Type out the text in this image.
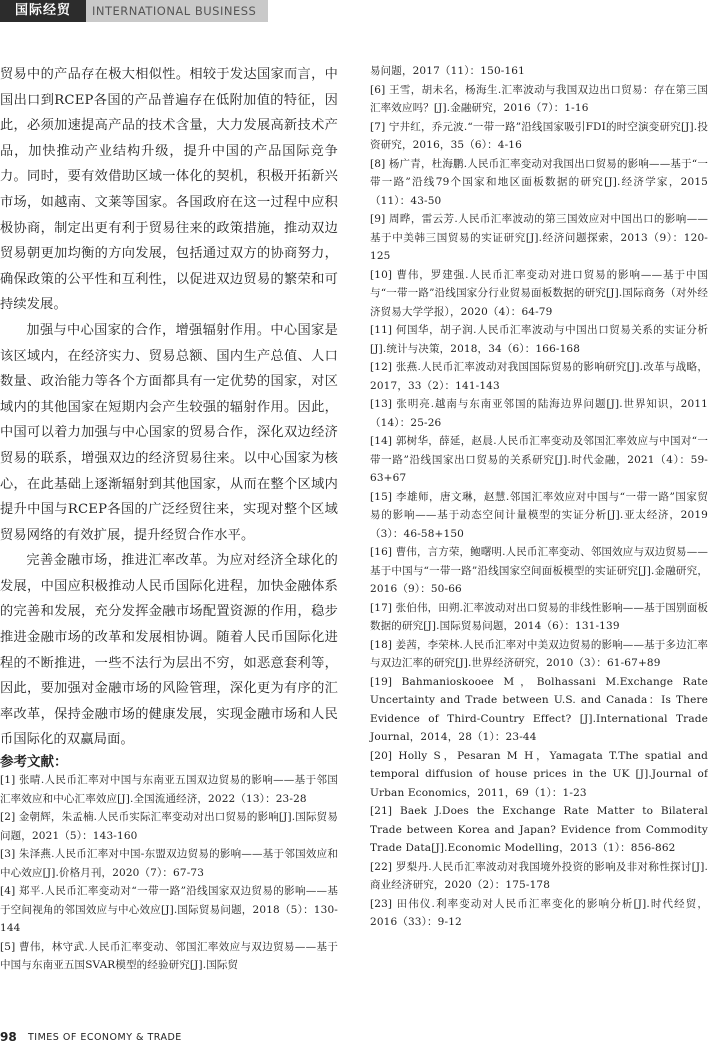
国际经贸	INTERNATIONAL BUSINESS

贸易中的产品存在极大相似性。相较于发达国家而言，中国出口到RCEP各国的产品普遍存在低附加值的特征，因此，必须加速提高产品的技术含量，大力发展高新技术产品，加快推动产业结构升级，提升中国的产品国际竞争力。同时，要有效借助区域一体化的契机，积极开拓新兴市场，如越南、文莱等国家。各国政府在这一过程中应积极协商，制定出更有利于贸易往来的政策措施，推动双边贸易朝更加均衡的方向发展，包括通过双方的协商努力，确保政策的公平性和互利性，以促进双边贸易的繁荣和可持续发展。

加强与中心国家的合作，增强辐射作用。中心国家是该区域内，在经济实力、贸易总额、国内生产总值、人口数量、政治能力等各个方面都具有一定优势的国家，对区域内的其他国家在短期内会产生较强的辐射作用。因此，中国可以着力加强与中心国家的贸易合作，深化双边经济贸易的联系，增强双边的经济贸易往来。以中心国家为核心，在此基础上逐渐辐射到其他国家，从而在整个区域内提升中国与RCEP各国的广泛经贸往来，实现对整个区域贸易网络的有效扩展，提升经贸合作水平。

完善金融市场，推进汇率改革。为应对经济全球化的发展，中国应积极推动人民币国际化进程，加快金融体系的完善和发展，充分发挥金融市场配置资源的作用，稳步推进金融市场的改革和发展相协调。随着人民币国际化进程的不断推进，一些不法行为层出不穷，如恶意套利等，因此，要加强对金融市场的风险管理，深化更为有序的汇率改革，保持金融市场的健康发展，实现金融市场和人民币国际化的双赢局面。

参考文献：

[1] 张晴.人民币汇率对中国与东南亚五国双边贸易的影响——基于邻国汇率效应和中心汇率效应[J].全国流通经济，2022（13）：23-28

[2] 金朝辉，朱孟楠.人民币实际汇率变动对出口贸易的影响[J].国际贸易问题，2021（5）：143-160

[3] 朱泽燕.人民币汇率对中国-东盟双边贸易的影响——基于邻国效应和中心效应[J].价格月刊，2020（7）：67-73

[4] 郑平.人民币汇率变动对“一带一路”沿线国家双边贸易的影响——基于空间视角的邻国效应与中心效应[J].国际贸易问题，2018（5）：130-144

[5] 曹伟，林守武.人民币汇率变动、邻国汇率效应与双边贸易——基于中国与东南亚五国SVAR模型的经验研究[J].国际贸

易问题，2017（11）：150-161

[6] 王雪，胡未名，杨海生.汇率波动与我国双边出口贸易：存在第三国汇率效应吗？[J].金融研究，2016（7）：1-16

[7] 宁井红，乔元波.“一带一路”沿线国家吸引FDI的时空演变研究[J].投资研究，2016，35（6）：4-16

[8] 杨广青，杜海鹏.人民币汇率变动对我国出口贸易的影响——基于“一带一路”沿线79个国家和地区面板数据的研究[J].经济学家，2015（11）：43-50

[9] 周晔，雷云芳.人民币汇率波动的第三国效应对中国出口的影响——基于中美韩三国贸易的实证研究[J].经济问题探索，2013（9）：120-125

[10] 曹伟，罗建强.人民币汇率变动对进口贸易的影响——基于中国与“一带一路”沿线国家分行业贸易面板数据的研究[J].国际商务（对外经济贸易大学学报），2020（4）：64-79

[11] 何国华，胡子润.人民币汇率波动与中国出口贸易关系的实证分析[J].统计与决策，2018，34（6）：166-168

[12] 张燕.人民币汇率波动对我国国际贸易的影响研究[J].改革与战略，2017，33（2）：141-143

[13] 张明亮.越南与东南亚邻国的陆海边界问题[J].世界知识，2011（14）：25-26

[14] 郭树华，薛延，赵晨.人民币汇率变动及邻国汇率效应与中国对“一带一路”沿线国家出口贸易的关系研究[J].时代金融，2021（4）：59-63+67

[15] 李雄师，唐文琳，赵慧.邻国汇率效应对中国与“一带一路”国家贸易的影响——基于动态空间计量模型的实证分析[J].亚太经济，2019（3）：46-58+150

[16] 曹伟，言方荣，鲍曙明.人民币汇率变动、邻国效应与双边贸易——基于中国与“一带一路”沿线国家空间面板模型的实证研究[J].金融研究，2016（9）：50-66

[17] 张伯伟，田朔.汇率波动对出口贸易的非线性影响——基于国别面板数据的研究[J].国际贸易问题，2014（6）：131-139

[18] 姜茜，李荣林.人民币汇率对中美双边贸易的影响——基于多边汇率与双边汇率的研究[J].世界经济研究，2010（3）：61-67+89

[19] Bahmanioskooee M，Bolhassani M.Exchange Rate Uncertainty and Trade between U.S. and Canada：Is There Evidence of Third-Country Effect? [J].International Trade Journal，2014，28（1）：23-44

[20] Holly S，Pesaran M H，Yamagata T.The spatial and temporal diffusion of house prices in the UK [J].Journal of Urban Economics，2011，69（1）：1-23

[21] Baek J.Does the Exchange Rate Matter to Bilateral Trade between Korea and Japan? Evidence from Commodity Trade Data[J].Economic Modelling，2013（1）：856-862

[22] 罗梨丹.人民币汇率波动对我国境外投资的影响及非对称性探讨[J].商业经济研究，2020（2）：175-178

[23] 田伟仪.利率变动对人民币汇率变化的影响分析[J].时代经贸，2016（33）：9-12

98 TIMES OF ECONOMY & TRADE
